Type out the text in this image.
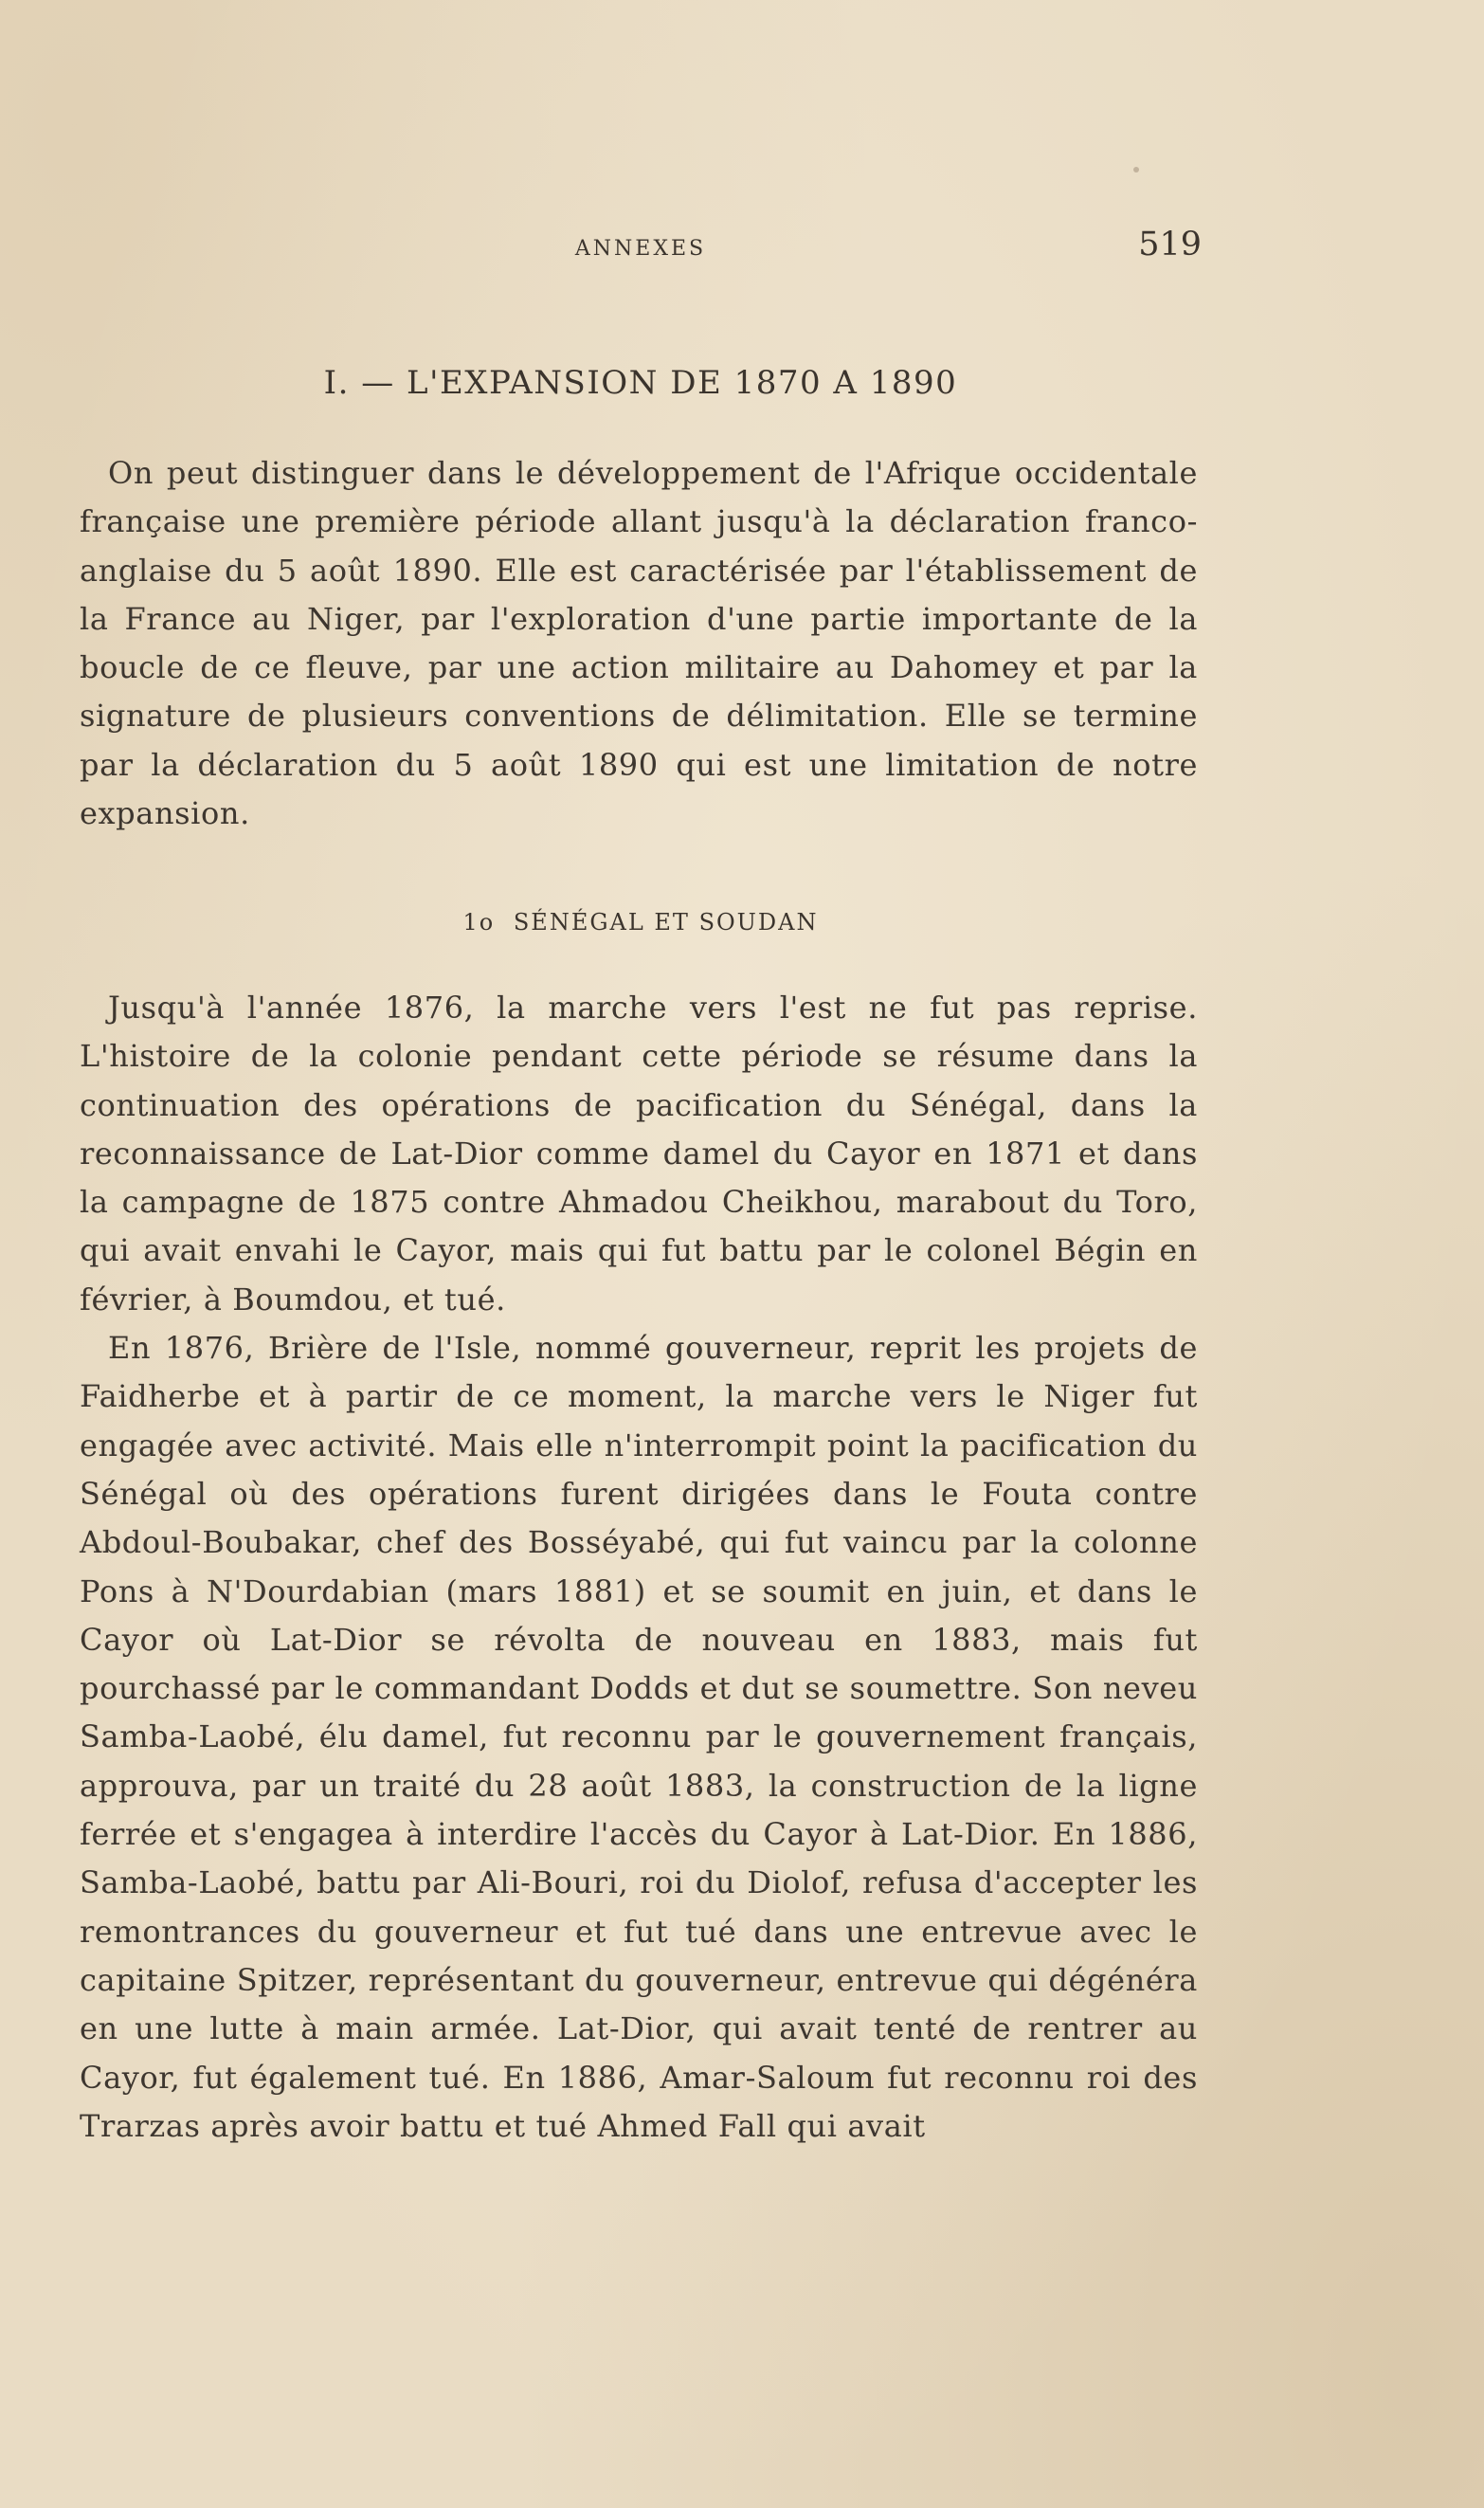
ANNEXES	519
I. — L'EXPANSION DE 1870 A 1890

On peut distinguer dans le développement de l'Afrique occidentale française une première période allant jusqu'à la déclaration franco-anglaise du 5 août 1890. Elle est caractérisée par l'établissement de la France au Niger, par l'exploration d'une partie importante de la boucle de ce fleuve, par une action militaire au Dahomey et par la signature de plusieurs conventions de délimitation. Elle se termine par la déclaration du 5 août 1890 qui est une limitation de notre expansion.

1o SÉNÉGAL ET SOUDAN

Jusqu'à l'année 1876, la marche vers l'est ne fut pas reprise. L'histoire de la colonie pendant cette période se résume dans la continuation des opérations de pacification du Sénégal, dans la reconnaissance de Lat-Dior comme damel du Cayor en 1871 et dans la campagne de 1875 contre Ahmadou Cheikhou, marabout du Toro, qui avait envahi le Cayor, mais qui fut battu par le colonel Bégin en février, à Boumdou, et tué.

En 1876, Brière de l'Isle, nommé gouverneur, reprit les projets de Faidherbe et à partir de ce moment, la marche vers le Niger fut engagée avec activité. Mais elle n'interrompit point la pacification du Sénégal où des opérations furent dirigées dans le Fouta contre Abdoul-Boubakar, chef des Bosséyabé, qui fut vaincu par la colonne Pons à N'Dourdabian (mars 1881) et se soumit en juin, et dans le Cayor où Lat-Dior se révolta de nouveau en 1883, mais fut pourchassé par le commandant Dodds et dut se soumettre. Son neveu Samba-Laobé, élu damel, fut reconnu par le gouvernement français, approuva, par un traité du 28 août 1883, la construction de la ligne ferrée et s'engagea à interdire l'accès du Cayor à Lat-Dior. En 1886, Samba-Laobé, battu par Ali-Bouri, roi du Diolof, refusa d'accepter les remontrances du gouverneur et fut tué dans une entrevue avec le capitaine Spitzer, représentant du gouverneur, entrevue qui dégénéra en une lutte à main armée. Lat-Dior, qui avait tenté de rentrer au Cayor, fut également tué. En 1886, Amar-Saloum fut reconnu roi des Trarzas après avoir battu et tué Ahmed Fall qui avait
